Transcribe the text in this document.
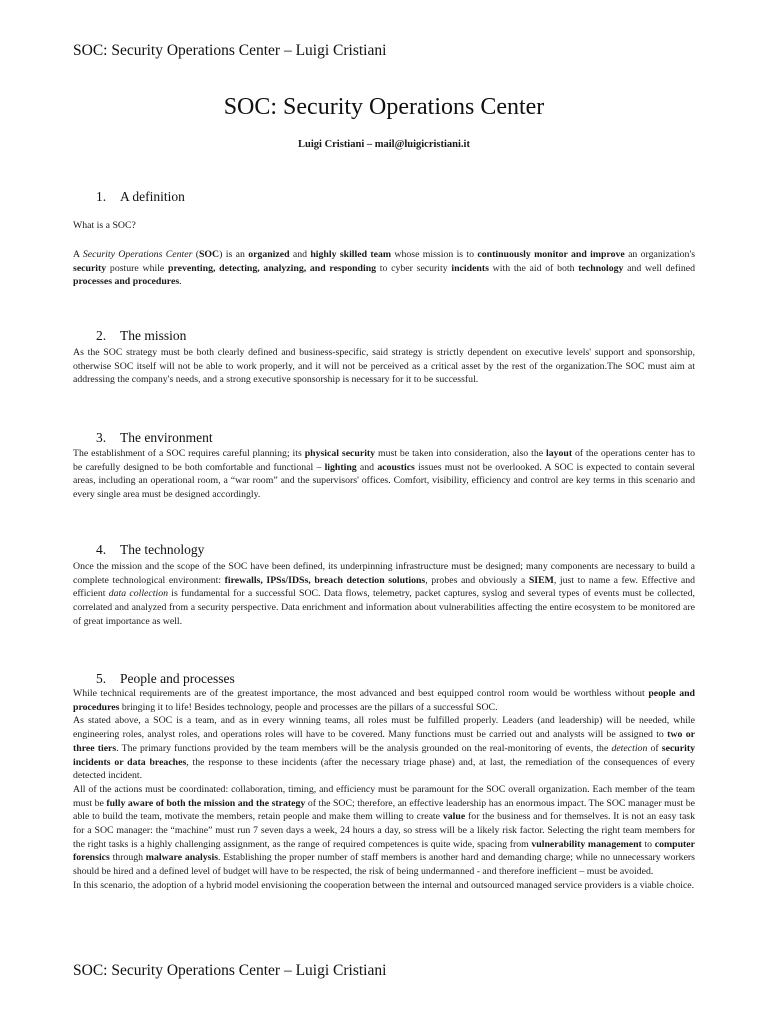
SOC: Security Operations Center – Luigi Cristiani
SOC: Security Operations Center
Luigi Cristiani – mail@luigicristiani.it
1. A definition

What is a SOC?

A Security Operations Center (SOC) is an organized and highly skilled team whose mission is to continuously monitor and improve an organization's security posture while preventing, detecting, analyzing, and responding to cyber security incidents with the aid of both technology and well defined processes and procedures.

2. The mission

As the SOC strategy must be both clearly defined and business-specific, said strategy is strictly dependent on executive levels' support and sponsorship, otherwise SOC itself will not be able to work properly, and it will not be perceived as a critical asset by the rest of the organization.The SOC must aim at addressing the company's needs, and a strong executive sponsorship is necessary for it to be successful.

3. The environment

The establishment of a SOC requires careful planning; its physical security must be taken into consideration, also the layout of the operations center has to be carefully designed to be both comfortable and functional – lighting and acoustics issues must not be overlooked. A SOC is expected to contain several areas, including an operational room, a “war room” and the supervisors' offices. Comfort, visibility, efficiency and control are key terms in this scenario and every single area must be designed accordingly.

4. The technology

Once the mission and the scope of the SOC have been defined, its underpinning infrastructure must be designed; many components are necessary to build a complete technological environment: firewalls, IPSs/IDSs, breach detection solutions, probes and obviously a SIEM, just to name a few. Effective and efficient data collection is fundamental for a successful SOC. Data flows, telemetry, packet captures, syslog and several types of events must be collected, correlated and analyzed from a security perspective. Data enrichment and information about vulnerabilities affecting the entire ecosystem to be monitored are of great importance as well.

5. People and processes
While technical requirements are of the greatest importance, the most advanced and best equipped control room would be worthless without people and procedures bringing it to life! Besides technology, people and processes are the pillars of a successful SOC.
As stated above, a SOC is a team, and as in every winning teams, all roles must be fulfilled properly. Leaders (and leadership) will be needed, while engineering roles, analyst roles, and operations roles will have to be covered. Many functions must be carried out and analysts will be assigned to two or three tiers. The primary functions provided by the team members will be the analysis grounded on the real-monitoring of events, the detection of security incidents or data breaches, the response to these incidents (after the necessary triage phase) and, at last, the remediation of the consequences of every detected incident.
All of the actions must be coordinated: collaboration, timing, and efficiency must be paramount for the SOC overall organization. Each member of the team must be fully aware of both the mission and the strategy of the SOC; therefore, an effective leadership has an enormous impact. The SOC manager must be able to build the team, motivate the members, retain people and make them willing to create value for the business and for themselves. It is not an easy task for a SOC manager: the “machine” must run 7 seven days a week, 24 hours a day, so stress will be a likely risk factor. Selecting the right team members for the right tasks is a highly challenging assignment, as the range of required competences is quite wide, spacing from vulnerability management to computer forensics through malware analysis. Establishing the proper number of staff members is another hard and demanding charge; while no unnecessary workers should be hired and a defined level of budget will have to be respected, the risk of being undermanned - and therefore inefficient – must be avoided.
In this scenario, the adoption of a hybrid model envisioning the cooperation between the internal and outsourced managed service providers is a viable choice.
SOC: Security Operations Center – Luigi Cristiani
